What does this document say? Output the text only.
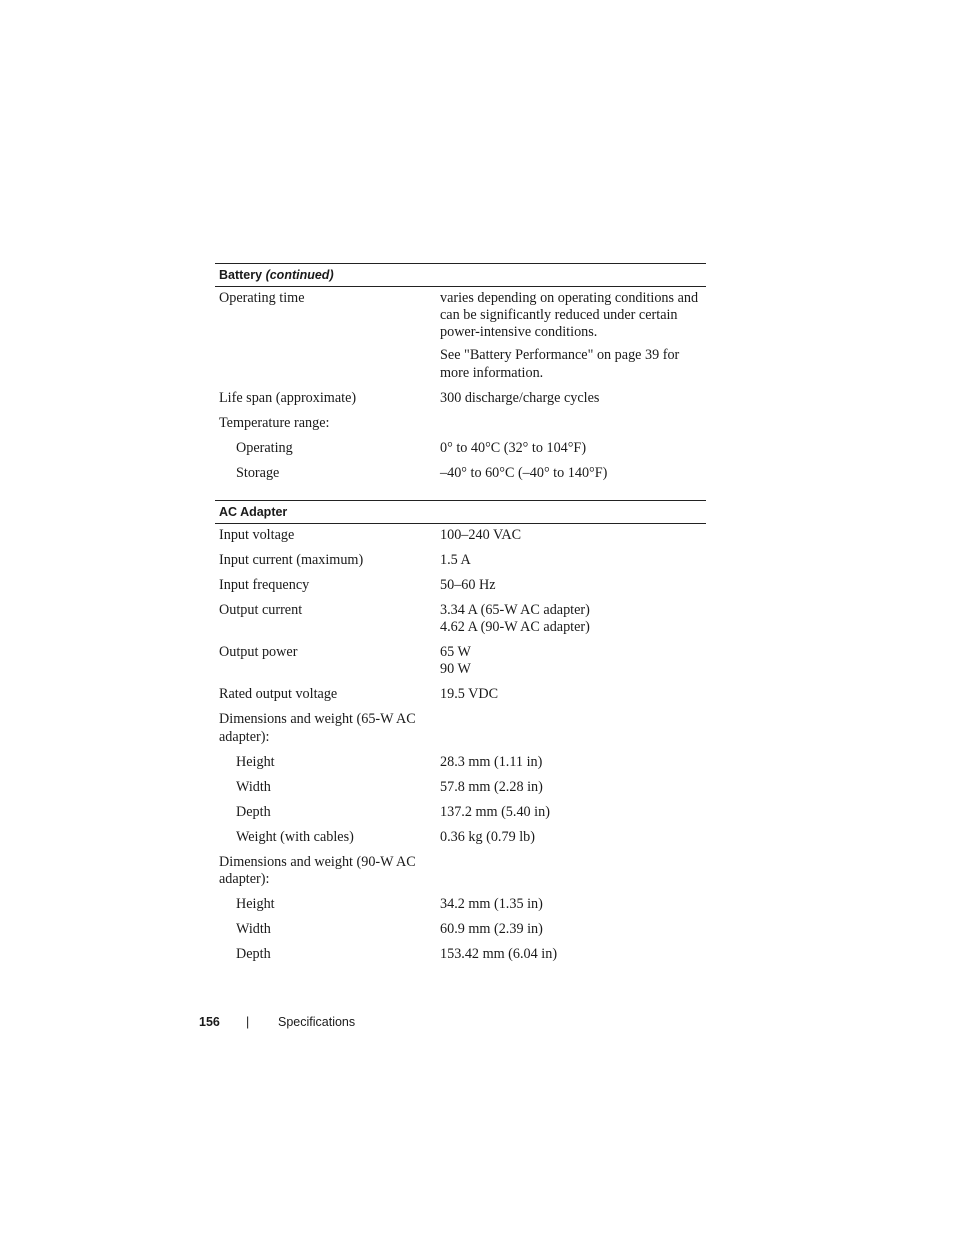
Battery (continued)
Operating time	varies depending on operating conditions and can be significantly reduced under certain power-intensive conditions.

See "Battery Performance" on page 39 for more information.

Life span (approximate)	300 discharge/charge cycles
Temperature range:
Operating	0° to 40°C (32° to 104°F)
Storage	–40° to 60°C (–40° to 140°F)
AC Adapter
Input voltage	100–240 VAC
Input current (maximum)	1.5 A
Input frequency	50–60 Hz
Output current	3.34 A (65-W AC adapter)
4.62 A (90-W AC adapter)
Output power	65 W
90 W
Rated output voltage	19.5 VDC
Dimensions and weight (65-W AC adapter):
Height	28.3 mm (1.11 in)
Width	57.8 mm (2.28 in)
Depth	137.2 mm (5.40 in)
Weight (with cables)	0.36 kg (0.79 lb)
Dimensions and weight (90-W AC adapter):
Height	34.2 mm (1.35 in)
Width	60.9 mm (2.39 in)
Depth	153.42 mm (6.04 in)
156 | Specifications
